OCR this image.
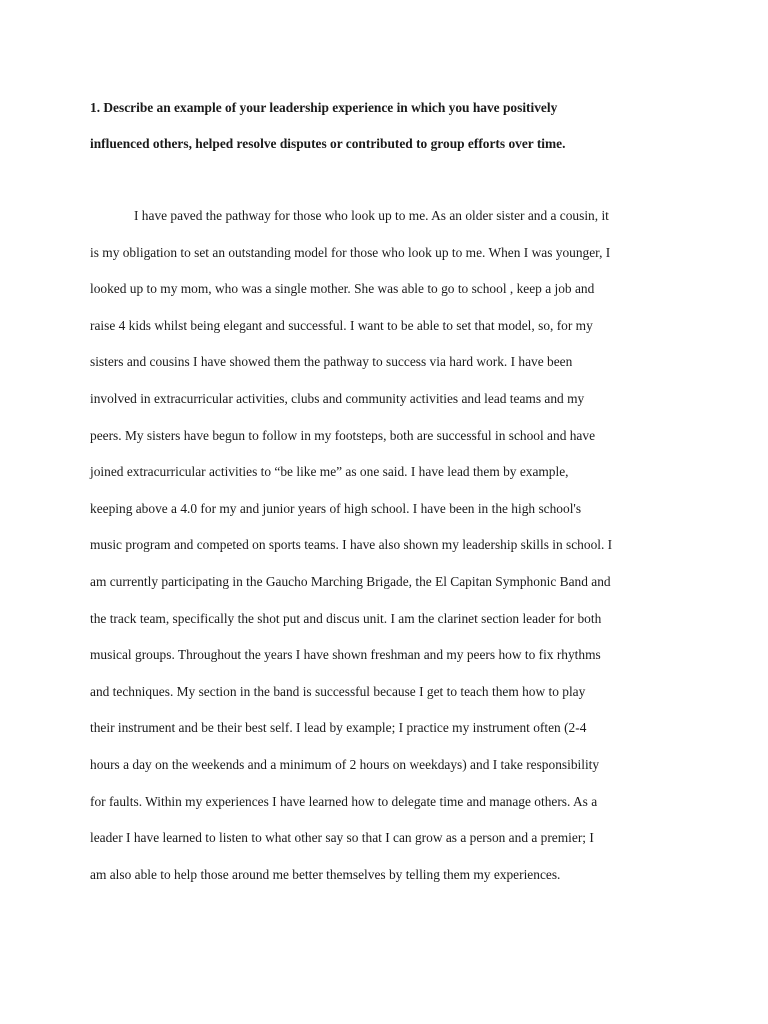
1. Describe an example of your leadership experience in which you have positively
influenced others, helped resolve disputes or contributed to group efforts over time.

I have paved the pathway for those who look up to me. As an older sister and a cousin, it
is my obligation to set an outstanding model for those who look up to me. When I was younger, I
looked up to my mom, who was a single mother. She was able to go to school , keep a job and
raise 4 kids whilst being elegant and successful. I want to be able to set that model, so, for my
sisters and cousins I have showed them the pathway to success via hard work. I have been
involved in extracurricular activities, clubs and community activities and lead teams and my
peers. My sisters have begun to follow in my footsteps, both are successful in school and have
joined extracurricular activities to “be like me” as one said. I have lead them by example,
keeping above a 4.0 for my and junior years of high school. I have been in the high school's
music program and competed on sports teams. I have also shown my leadership skills in school. I
am currently participating in the Gaucho Marching Brigade, the El Capitan Symphonic Band and
the track team, specifically the shot put and discus unit. I am the clarinet section leader for both
musical groups. Throughout the years I have shown freshman and my peers how to fix rhythms
and techniques. My section in the band is successful because I get to teach them how to play
their instrument and be their best self. I lead by example; I practice my instrument often (2-4
hours a day on the weekends and a minimum of 2 hours on weekdays) and I take responsibility
for faults. Within my experiences I have learned how to delegate time and manage others. As a
leader I have learned to listen to what other say so that I can grow as a person and a premier; I
am also able to help those around me better themselves by telling them my experiences.
